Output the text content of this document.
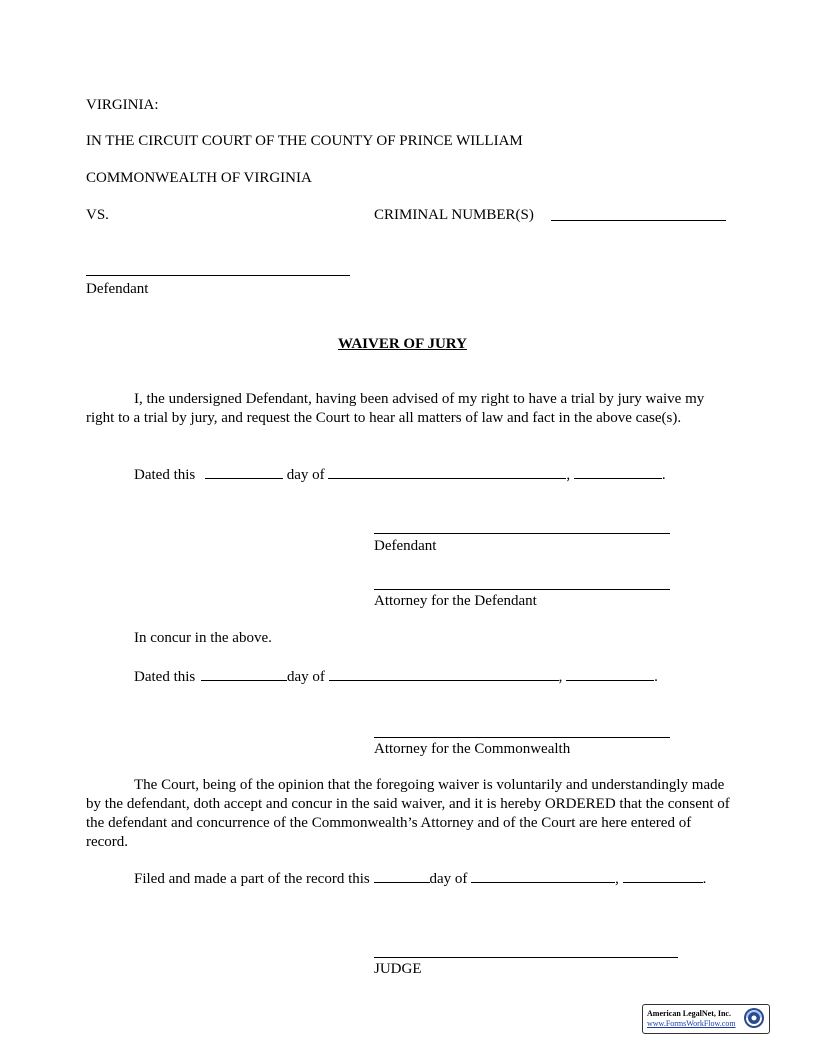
VIRGINIA:
IN THE CIRCUIT COURT OF THE COUNTY OF PRINCE WILLIAM
COMMONWEALTH OF VIRGINIA
VS.	CRIMINAL NUMBER(S)
Defendant
WAIVER OF JURY
I, the undersigned Defendant, having been advised of my right to have a trial by jury waive my right to a trial by jury, and request the Court to hear all matters of law and fact in the above case(s).
Dated this	day of	,	.
Defendant
Attorney for the Defendant
In concur in the above.
Dated this	day of	,	.
Attorney for the Commonwealth
The Court, being of the opinion that the foregoing waiver is voluntarily and understandingly made by the defendant, doth accept and concur in the said waiver, and it is hereby ORDERED that the consent of the defendant and concurrence of the Commonwealth’s Attorney and of the Court are here entered of record.
Filed and made a part of the record this	day of	,	.
JUDGE
American LegalNet, Inc.
www.FormsWorkFlow.com
